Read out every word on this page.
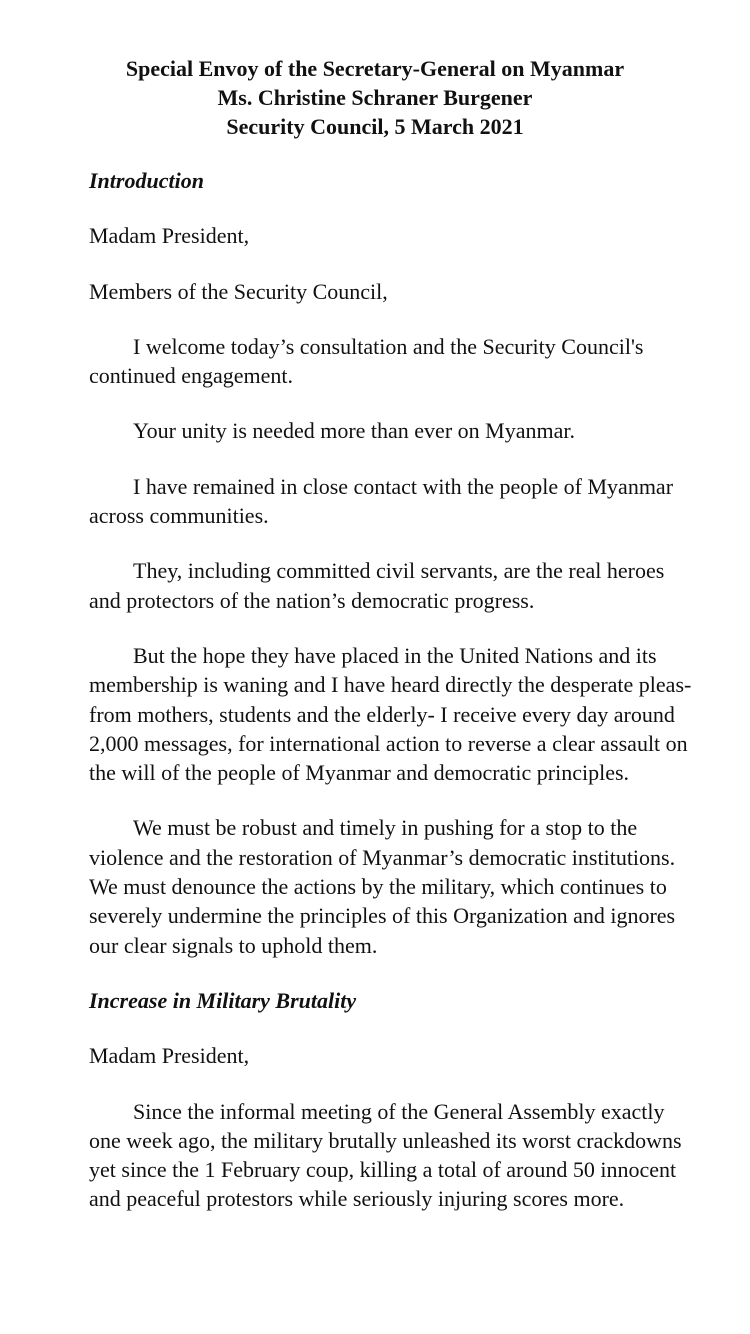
Special Envoy of the Secretary-General on Myanmar
Ms. Christine Schraner Burgener
Security Council, 5 March 2021
Introduction
Madam President,
Members of the Security Council,
I welcome today’s consultation and the Security Council's continued engagement.
Your unity is needed more than ever on Myanmar.
I have remained in close contact with the people of Myanmar across communities.
They, including committed civil servants, are the real heroes and protectors of the nation’s democratic progress.
But the hope they have placed in the United Nations and its membership is waning and I have heard directly the desperate pleas- from mothers, students and the elderly- I receive every day around 2,000 messages, for international action to reverse a clear assault on the will of the people of Myanmar and democratic principles.
We must be robust and timely in pushing for a stop to the violence and the restoration of Myanmar’s democratic institutions. We must denounce the actions by the military, which continues to severely undermine the principles of this Organization and ignores our clear signals to uphold them.
Increase in Military Brutality
Madam President,
Since the informal meeting of the General Assembly exactly one week ago, the military brutally unleashed its worst crackdowns yet since the 1 February coup, killing a total of around 50 innocent and peaceful protestors while seriously injuring scores more.
